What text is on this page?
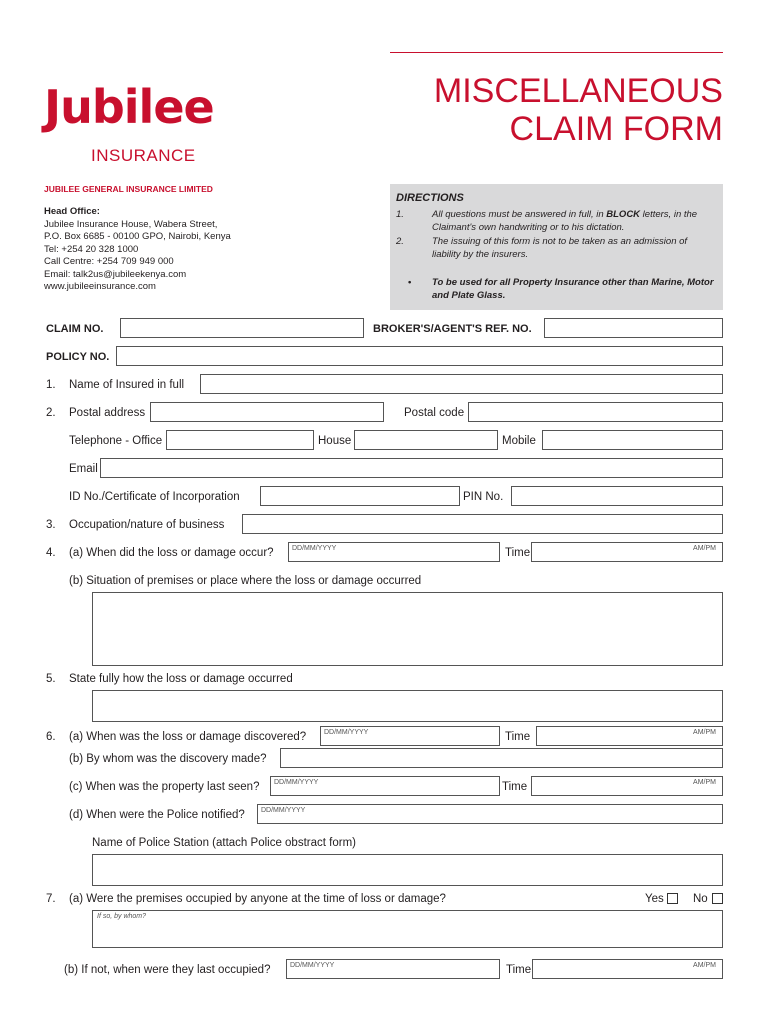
Jubilee
INSURANCE
JUBILEE GENERAL INSURANCE LIMITED
Head Office:
Jubilee Insurance House, Wabera Street,
P.O. Box 6685 - 00100 GPO, Nairobi, Kenya
Tel: +254 20 328 1000
Call Centre: +254 709 949 000
Email: talk2us@jubileekenya.com
www.jubileeinsurance.com
MISCELLANEOUS
CLAIM FORM
DIRECTIONS
1.	All questions must be answered in full, in BLOCK letters, in the Claimant's own handwriting or to his dictation.
2.	The issuing of this form is not to be taken as an admission of liability by the insurers.
• To be used for all Property Insurance other than Marine, Motor and Plate Glass.
CLAIM NO.	BROKER'S/AGENT'S REF. NO.
POLICY NO.
1. Name of Insured in full
2. Postal address	Postal code
Telephone - Office	House	Mobile
Email
ID No./Certificate of Incorporation	PIN No.
3. Occupation/nature of business
4. (a) When did the loss or damage occur?	DD/MM/YYYY	Time	AM/PM
(b) Situation of premises or place where the loss or damage occurred
5. State fully how the loss or damage occurred
6. (a) When was the loss or damage discovered?	DD/MM/YYYY	Time	AM/PM
(b) By whom was the discovery made?
(c) When was the property last seen? DD/MM/YYYY	Time	AM/PM
(d) When were the Police notified? DD/MM/YYYY
Name of Police Station (attach Police obstract form)
7. (a) Were the premises occupied by anyone at the time of loss or damage?	Yes	No
If so, by whom?
(b) If not, when were they last occupied?	DD/MM/YYYY	Time	AM/PM
